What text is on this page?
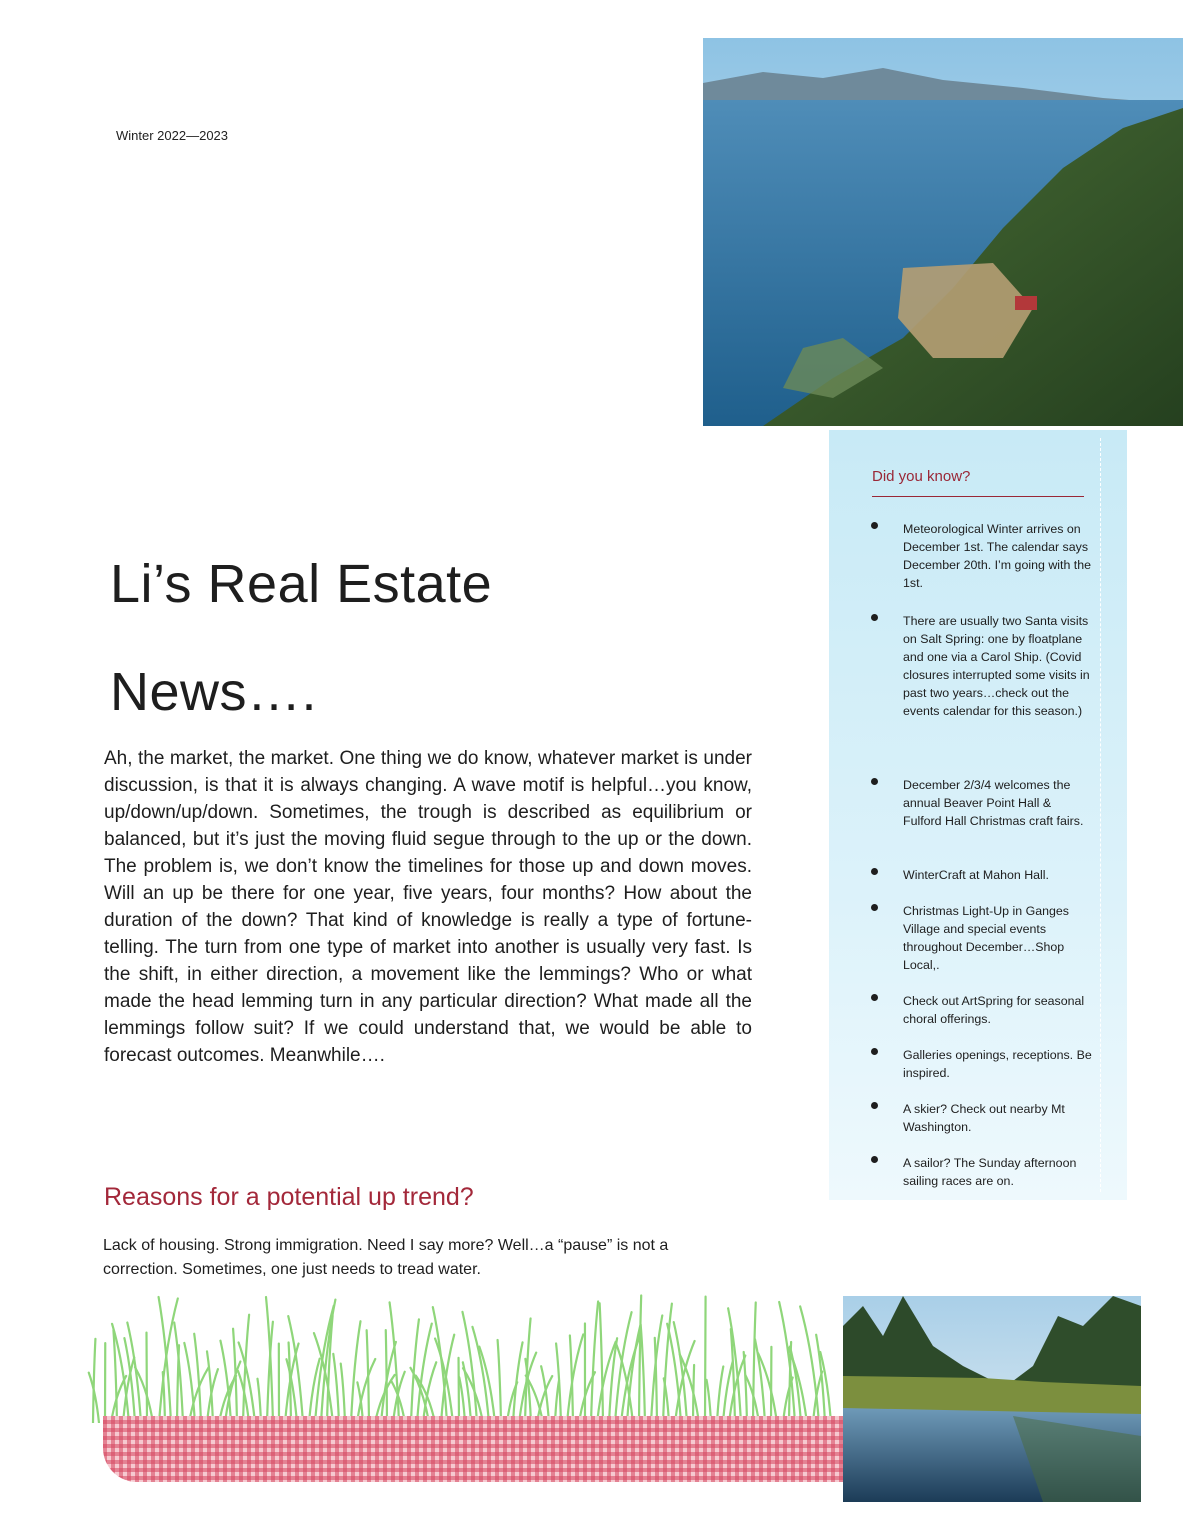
Winter 2022—2023
Did you know?
Meteorological Winter arrives on December 1st. The calendar says December 20th. I’m going with the 1st.
There are usually two Santa visits on Salt Spring: one by floatplane and one via a Carol Ship. (Covid closures interrupted some visits in past two years…check out the events calendar for this season.)
December 2/3/4 welcomes the annual Beaver Point Hall & Fulford Hall Christmas craft fairs.
WinterCraft at Mahon Hall.
Christmas Light-Up in Ganges Village and special events throughout December…Shop Local,.
Check out ArtSpring for seasonal choral offerings.
Galleries openings, receptions. Be inspired.
A skier? Check out nearby Mt Washington.
A sailor? The Sunday afternoon sailing races are on.
Li’s Real Estate
News….
Ah, the market, the market. One thing we do know, whatever market is under discussion, is that it is always changing. A wave motif is helpful…you know, up/down/up/down. Sometimes, the trough is described as equilibrium or balanced, but it’s just the moving fluid segue through to the up or the down. The problem is, we don’t know the timelines for those up and down moves. Will an up be there for one year, five years, four months? How about the duration of the down? That kind of knowledge is really a type of fortune-telling. The turn from one type of market into another is usually very fast. Is the shift, in either direction, a movement like the lemmings? Who or what made the head lemming turn in any particular direction? What made all the lemmings follow suit? If we could understand that, we would be able to forecast outcomes. Meanwhile….
Reasons for a potential up trend?
Lack of housing. Strong immigration. Need I say more? Well…a “pause” is not a correction. Sometimes, one just needs to tread water.
